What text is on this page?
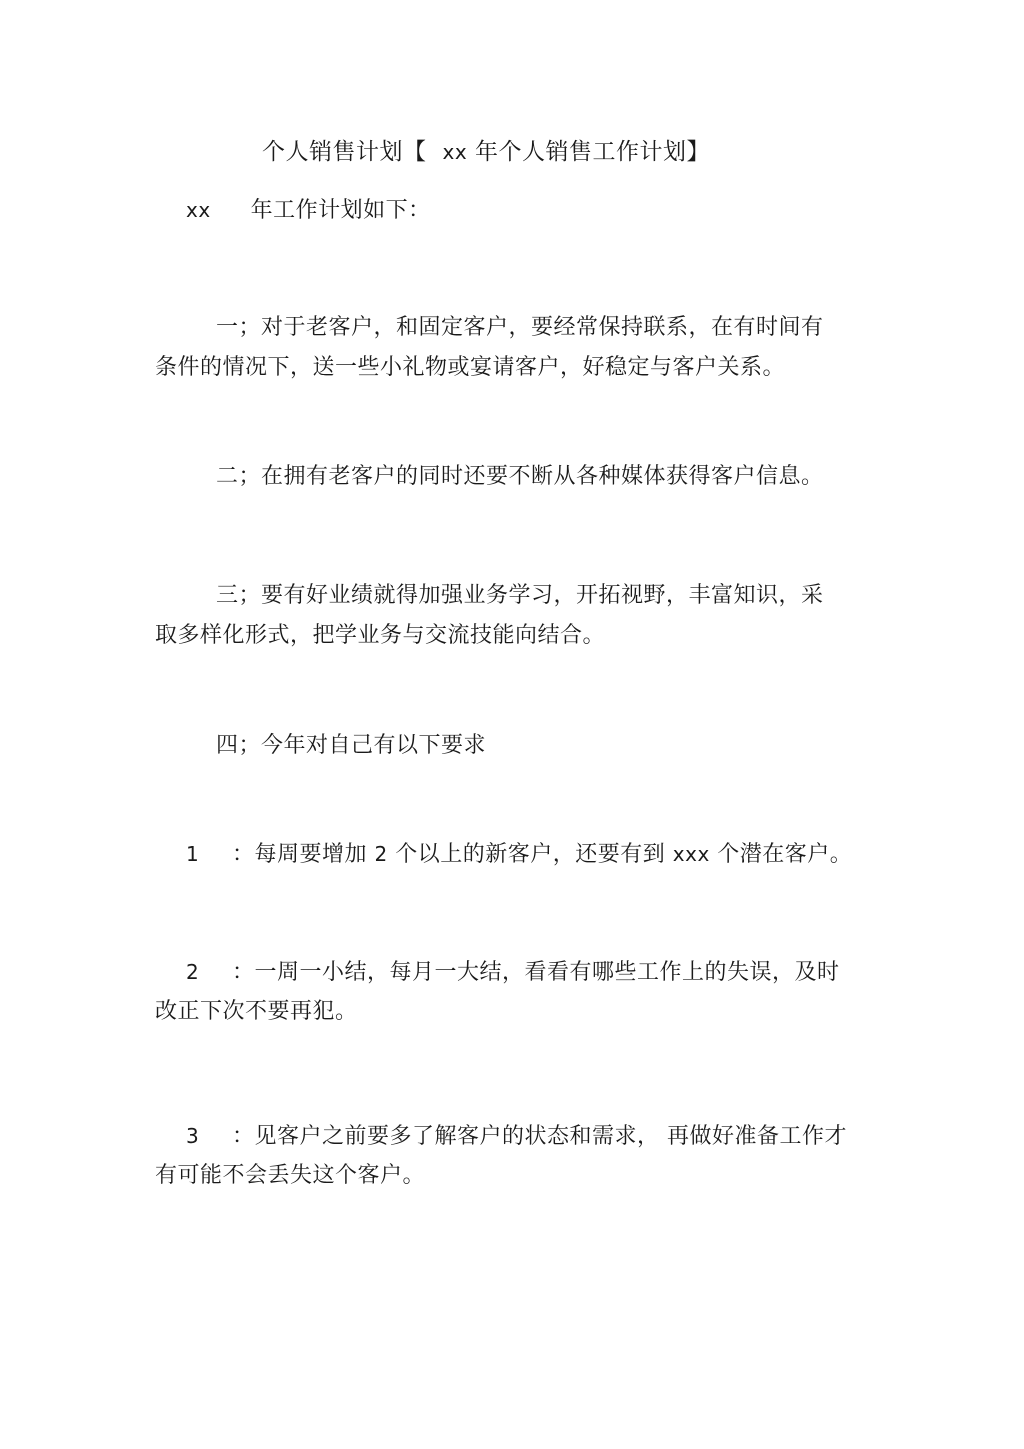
个人销售计划【 xx 年个人销售工作计划】
xx 年工作计划如下：
一；对于老客户，和固定客户，要经常保持联系，在有时间有
条件的情况下，送一些小礼物或宴请客户，好稳定与客户关系。
二；在拥有老客户的同时还要不断从各种媒体获得客户信息。
三；要有好业绩就得加强业务学习，开拓视野，丰富知识，采
取多样化形式，把学业务与交流技能向结合。
四；今年对自己有以下要求
1 ：每周要增加 2 个以上的新客户，还要有到 xxx 个潜在客户。
2 ：一周一小结，每月一大结，看看有哪些工作上的失误，及时
改正下次不要再犯。
3 ：见客户之前要多了解客户的状态和需求， 再做好准备工作才
有可能不会丢失这个客户。
